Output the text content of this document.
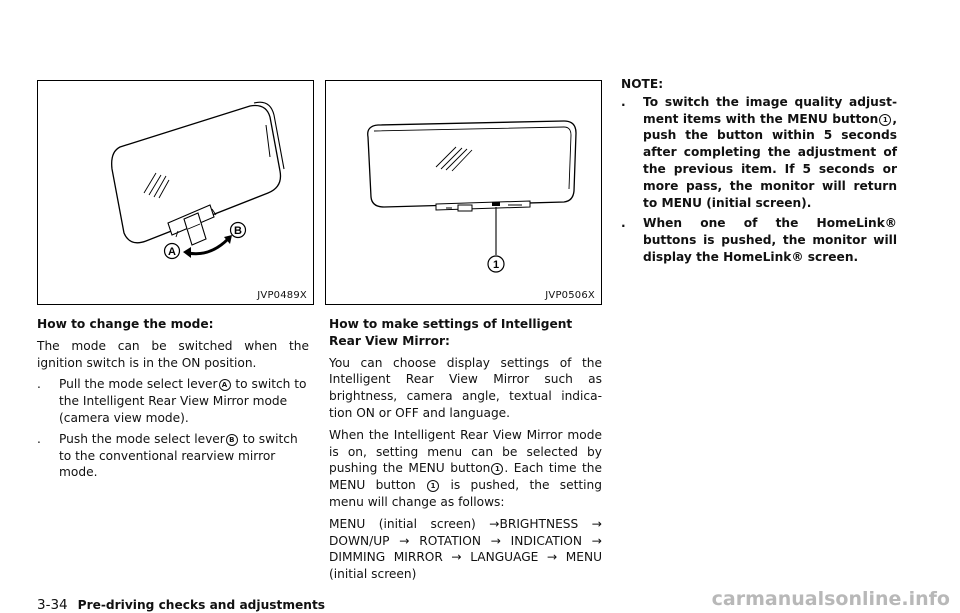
A
B
JVP0489X
1
JVP0506X

How to change the mode:

The mode can be switched when the ignition switch is in the ON position.

. Pull the mode select lever A to switch to the Intelligent Rear View Mirror mode (camera view mode).
. Push the mode select lever B to switch to the conventional rearview mirror mode.

How to make settings of Intelligent Rear View Mirror:

You can choose display settings of the Intelligent Rear View Mirror such as brightness, camera angle, textual indica-tion ON or OFF and language.

When the Intelligent Rear View Mirror mode is on, setting menu can be selected by pushing the MENU button 1 . Each time the MENU button 1 is pushed, the setting menu will change as follows:

MENU (initial screen) →BRIGHTNESS → DOWN/UP → ROTATION → INDICATION → DIMMING MIRROR → LANGUAGE → MENU (initial screen)

NOTE:
. To switch the image quality adjust-ment items with the MENU button 1 , push the button within 5 seconds after completing the adjustment of the previous item. If 5 seconds or more pass, the monitor will return to MENU (initial screen).
. When one of the HomeLink® buttons is pushed, the monitor will display the HomeLink® screen.
3-34 Pre-driving checks and adjustments	carmanualsonline.info
